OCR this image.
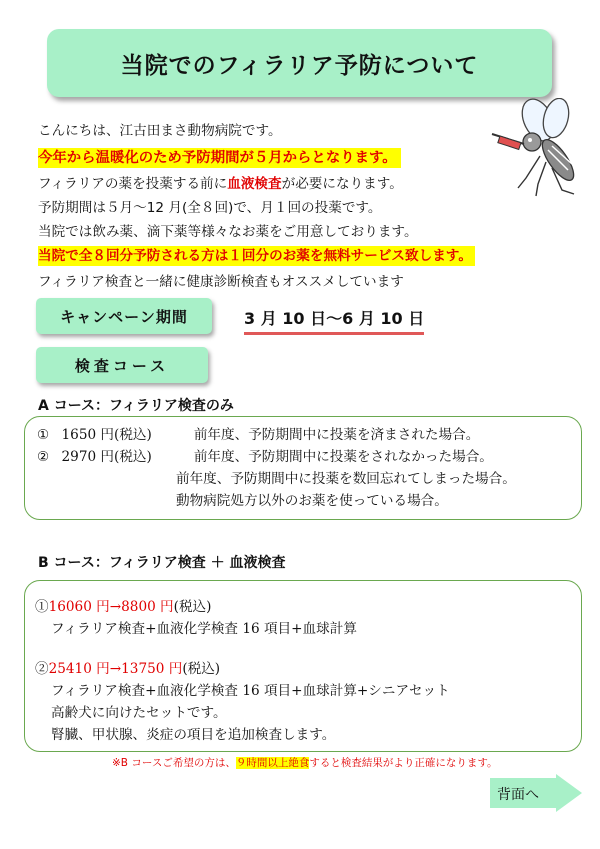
当院でのフィラリア予防について
こんにちは、江古田まさ動物病院です。
今年から温暖化のため予防期間が５月からとなります。
フィラリアの薬を投薬する前に血液検査が必要になります。
予防期間は５月～12 月(全８回)で、月１回の投薬です。
当院では飲み薬、滴下薬等様々なお薬をご用意しております。
当院で全８回分予防される方は１回分のお薬を無料サービス致します。
フィラリア検査と一緒に健康診断検査もオススメしています
キャンペーン期間	3 月 10 日～6 月 10 日
検査コース
A コース：フィラリア検査のみ
① 1650 円(税込)	前年度、予防期間中に投薬を済まされた場合。
② 2970 円(税込)	前年度、予防期間中に投薬をされなかった場合。
前年度、予防期間中に投薬を数回忘れてしまった場合。
動物病院処方以外のお薬を使っている場合。
B コース：フィラリア検査 ＋ 血液検査
①16060 円→8800 円(税込)
フィラリア検査+血液化学検査 16 項目+血球計算
②25410 円→13750 円(税込)
フィラリア検査+血液化学検査 16 項目+血球計算+シニアセット
高齢犬に向けたセットです。
腎臓、甲状腺、炎症の項目を追加検査します。
※B コースご希望の方は、９時間以上絶食すると検査結果がより正確になります。
背面へ
